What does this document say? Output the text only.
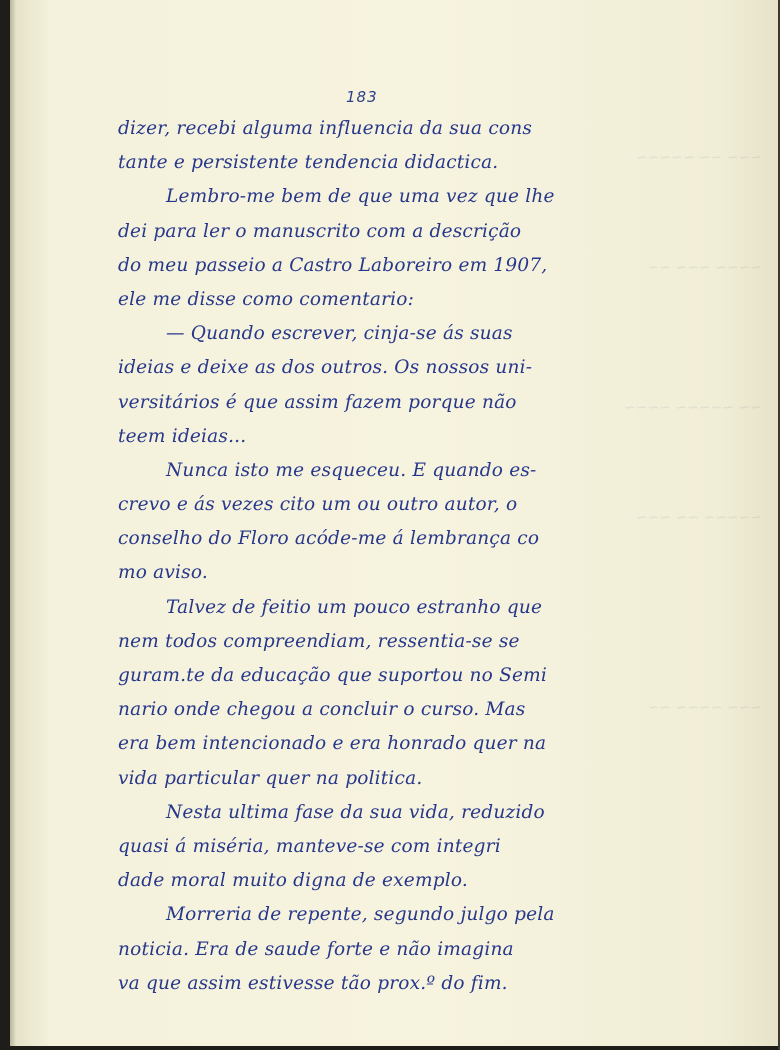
~~~ ~~ ~~~~~
~~~~ ~~~ ~~
~~ ~~~~~ ~~~~
~~~~~ ~~ ~~~
~~~ ~~~~ ~~
183
dizer, recebi alguma influencia da sua cons
tante e persistente tendencia didactica.
Lembro-me bem de que uma vez que lhe
dei para ler o manuscrito com a descrição
do meu passeio a Castro Laboreiro em 1907,
ele me disse como comentario:
— Quando escrever, cinja-se ás suas
ideias e deixe as dos outros. Os nossos uni-
versitários é que assim fazem porque não
teem ideias...
Nunca isto me esqueceu. E quando es-
crevo e ás vezes cito um ou outro autor, o
conselho do Floro acóde-me á lembrança co
mo aviso.
Talvez de feitio um pouco estranho que
nem todos compreendiam, ressentia-se se
guram.te da educação que suportou no Semi
nario onde chegou a concluir o curso. Mas
era bem intencionado e era honrado quer na
vida particular quer na politica.
Nesta ultima fase da sua vida, reduzido
quasi á miséria, manteve-se com integri
dade moral muito digna de exemplo.
Morreria de repente, segundo julgo pela
noticia. Era de saude forte e não imagina
va que assim estivesse tão prox.º do fim.
